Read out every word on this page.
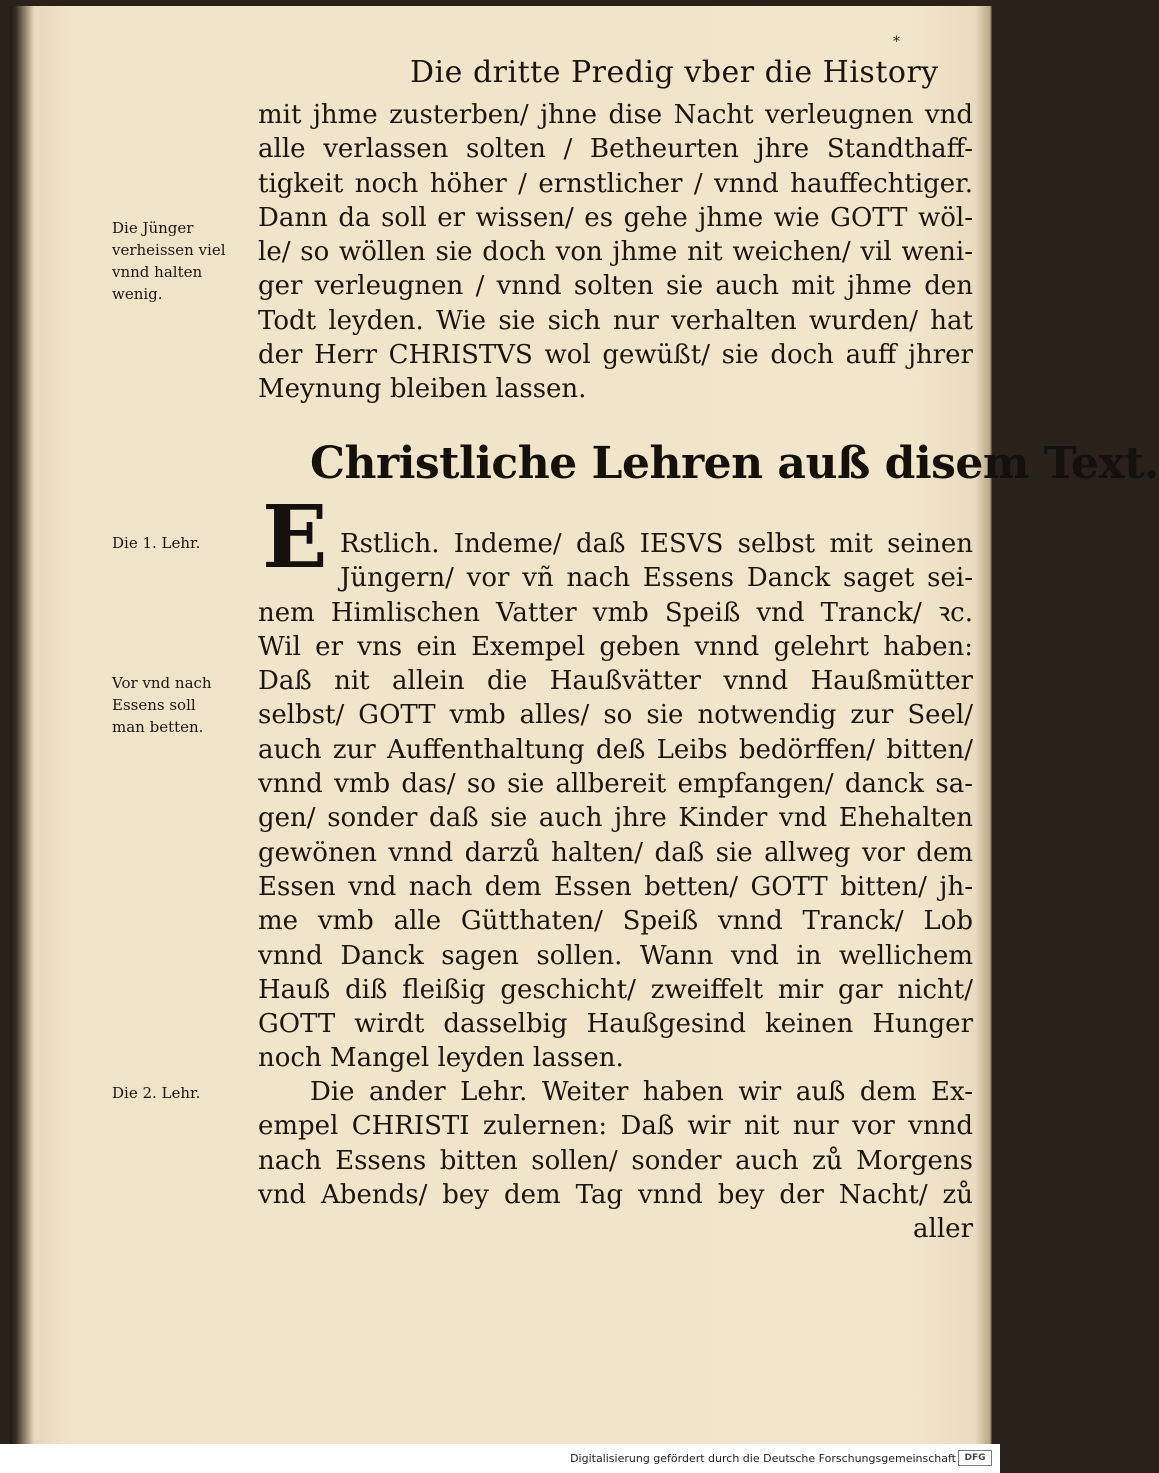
*
Die dritte Predig vber die History
mit jhme zusterben/ jhne dise Nacht verleugnen vnd
alle verlassen solten / Betheurten jhre Standthaff-
tigkeit noch höher / ernstlicher / vnnd hauffechtiger.
Dann da soll er wissen/ es gehe jhme wie GOTT wöl-
le/ so wöllen sie doch von jhme nit weichen/ vil weni-
ger verleugnen / vnnd solten sie auch mit jhme den
Todt leyden. Wie sie sich nur verhalten wurden/ hat
der Herr CHRISTVS wol gewüßt/ sie doch auff jhrer
Meynung bleiben lassen.
Christliche Lehren auß disem Text.
E Rstlich. Indeme/ daß IESVS selbst mit seinen
Jüngern/ vor vñ nach Essens Danck saget sei-
nem Himlischen Vatter vmb Speiß vnd Tranck/ ꝛc.
Wil er vns ein Exempel geben vnnd gelehrt haben:
Daß nit allein die Haußvätter vnnd Haußmütter
selbst/ GOTT vmb alles/ so sie notwendig zur Seel/
auch zur Auffenthaltung deß Leibs bedörffen/ bitten/
vnnd vmb das/ so sie allbereit empfangen/ danck sa-
gen/ sonder daß sie auch jhre Kinder vnd Ehehalten
gewönen vnnd darzů halten/ daß sie allweg vor dem
Essen vnd nach dem Essen betten/ GOTT bitten/ jh-
me vmb alle Gütthaten/ Speiß vnnd Tranck/ Lob
vnnd Danck sagen sollen. Wann vnd in wellichem
Hauß diß fleißig geschicht/ zweiffelt mir gar nicht/
GOTT wirdt dasselbig Haußgesind keinen Hunger
noch Mangel leyden lassen.
Die ander Lehr. Weiter haben wir auß dem Ex-
empel CHRISTI zulernen: Daß wir nit nur vor vnnd
nach Essens bitten sollen/ sonder auch zů Morgens
vnd Abends/ bey dem Tag vnnd bey der Nacht/ zů
aller
Die Jünger
verheissen viel
vnnd halten
wenig.
Die 1. Lehr.
Vor vnd nach
Essens soll
man betten.
Die 2. Lehr.
Digitalisierung gefördert durch die Deutsche Forschungsgemeinschaft DFG
